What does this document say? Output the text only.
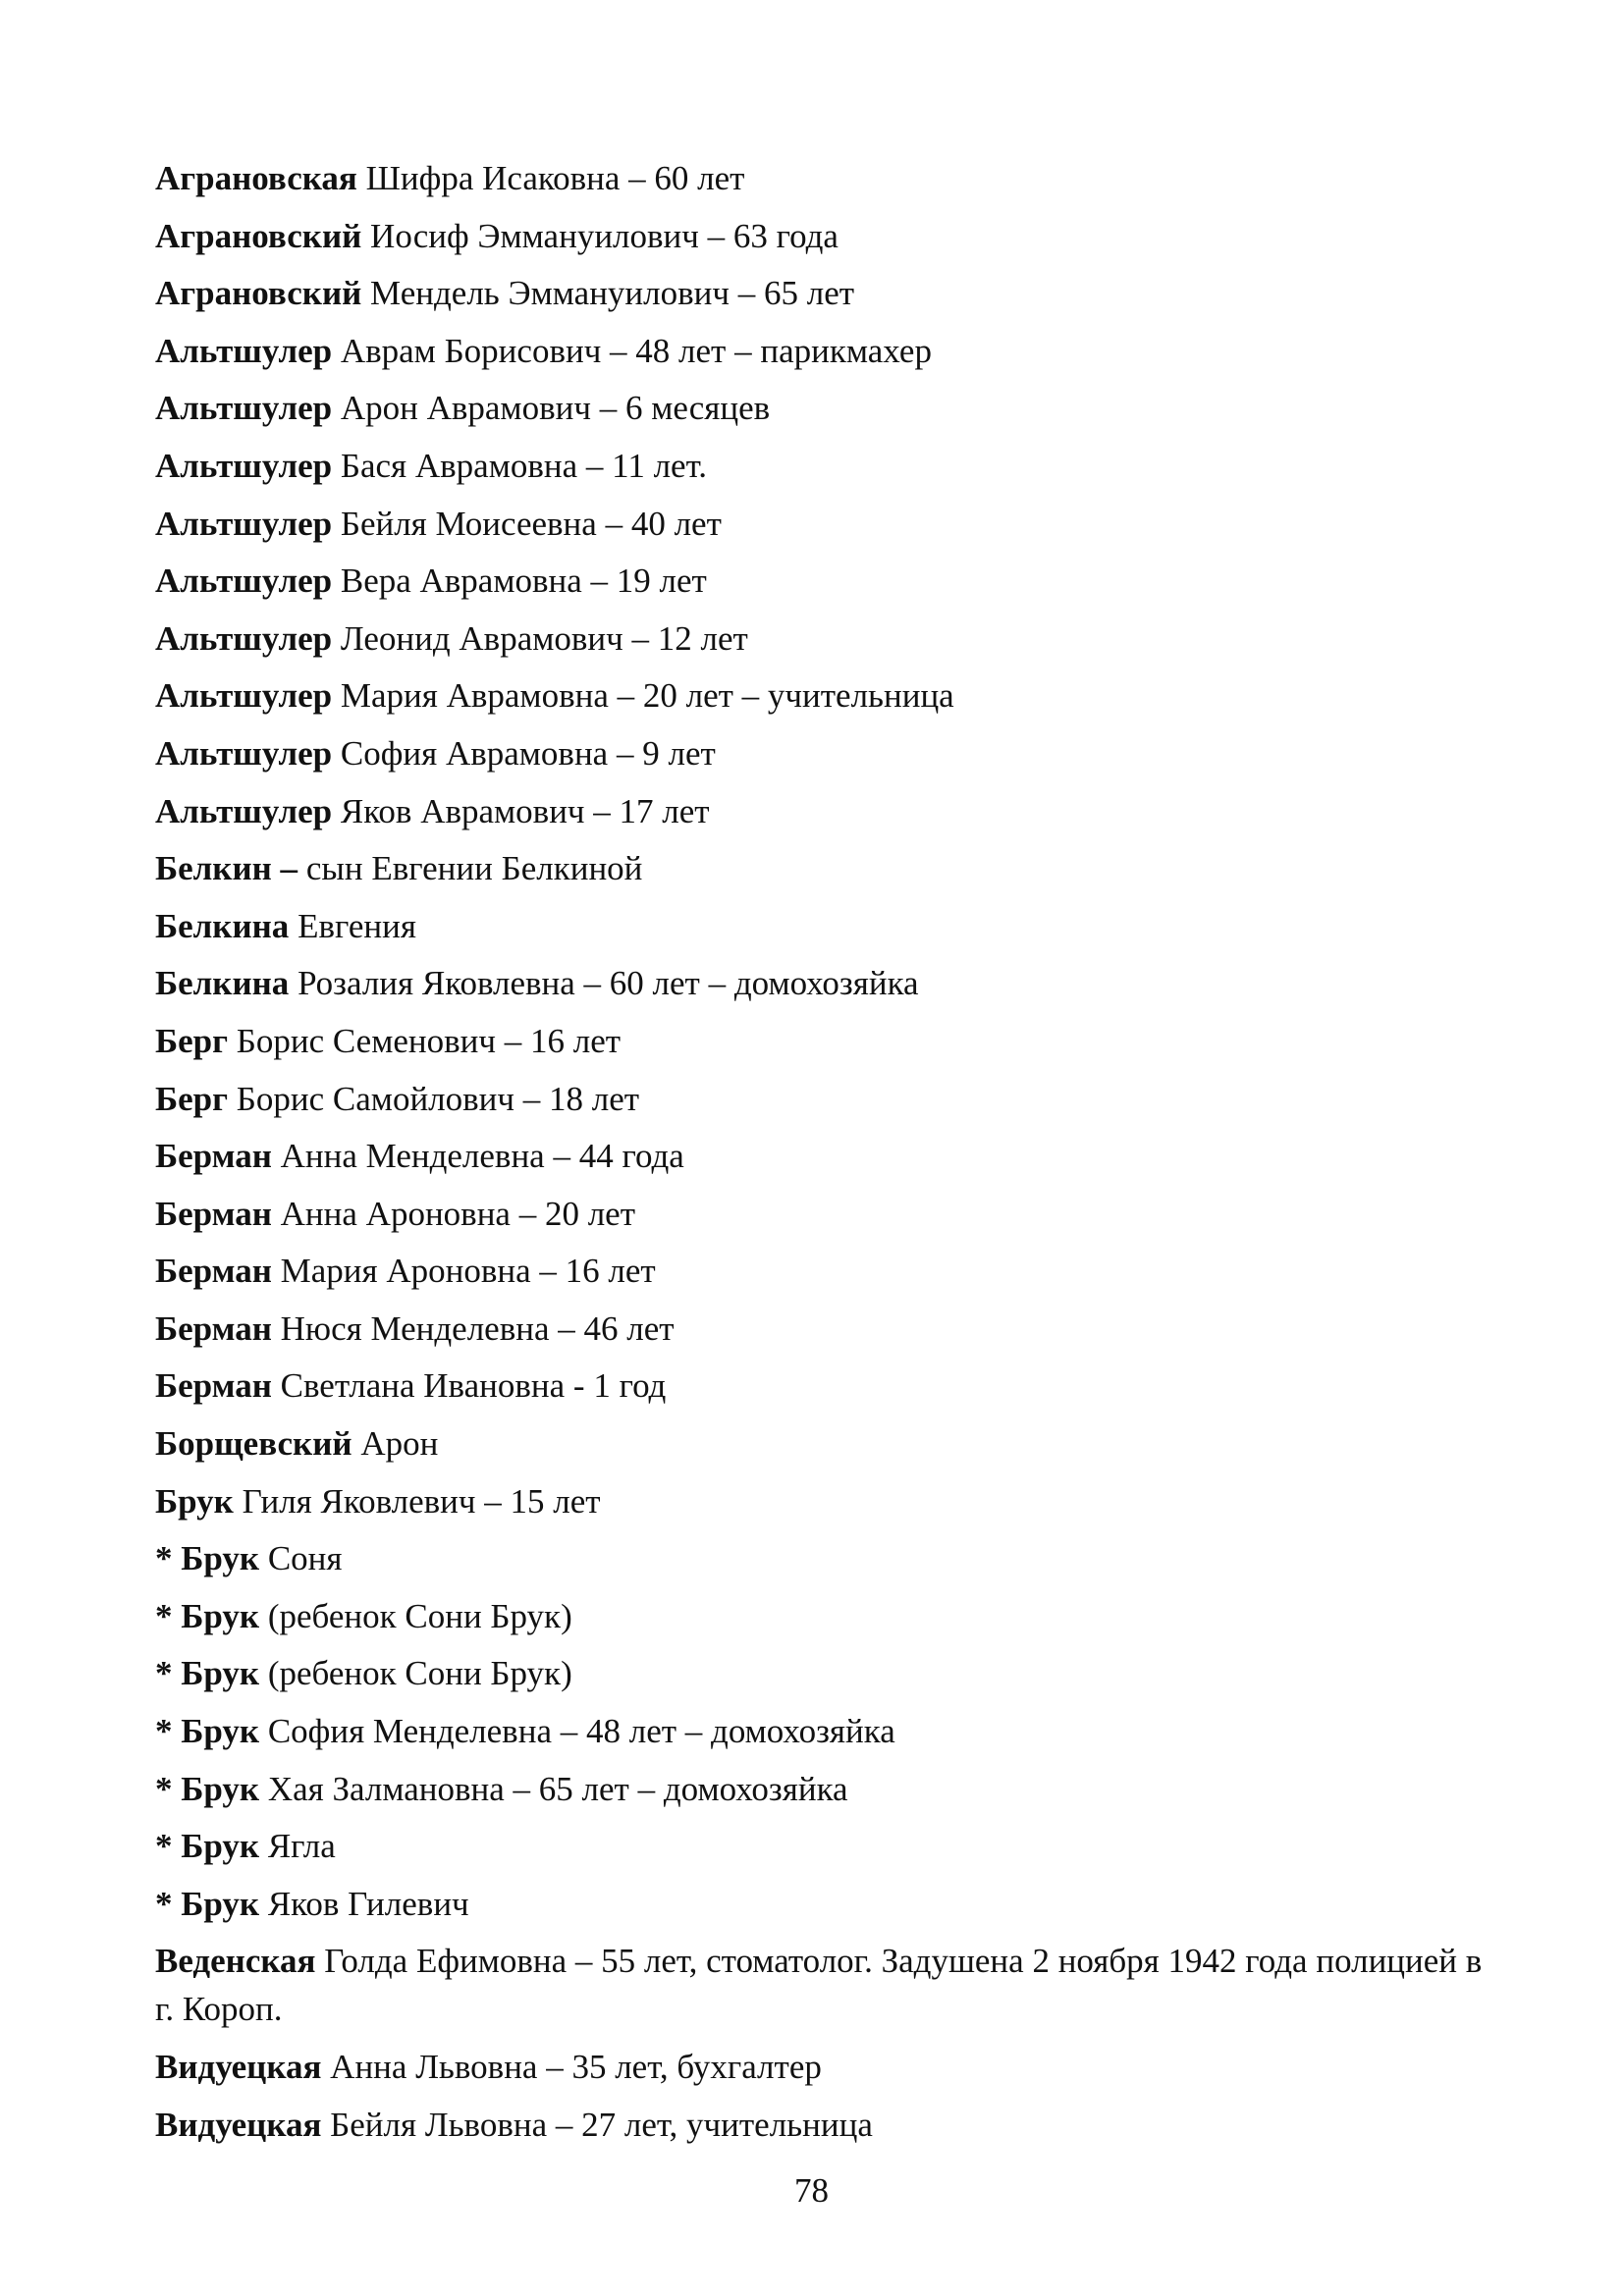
Аграновская Шифра Исаковна – 60 лет
Аграновский Иосиф Эммануилович – 63 года
Аграновский Мендель Эммануилович – 65 лет
Альтшулер Аврам Борисович – 48 лет – парикмахер
Альтшулер Арон Аврамович – 6 месяцев
Альтшулер Бася Аврамовна – 11 лет.
Альтшулер Бейля Моисеевна – 40 лет
Альтшулер Вера Аврамовна – 19 лет
Альтшулер Леонид Аврамович – 12 лет
Альтшулер Мария Аврамовна – 20 лет – учительница
Альтшулер София Аврамовна – 9 лет
Альтшулер Яков Аврамович – 17 лет
Белкин – сын Евгении Белкиной
Белкина Евгения
Белкина Розалия Яковлевна – 60 лет – домохозяйка
Берг Борис Семенович – 16 лет
Берг Борис Самойлович – 18 лет
Берман Анна Менделевна – 44 года
Берман Анна Ароновна – 20 лет
Берман Мария Ароновна – 16 лет
Берман Нюся Менделевна – 46 лет
Берман Светлана Ивановна - 1 год
Борщевский Арон
Брук Гиля Яковлевич – 15 лет
* Брук Соня
* Брук (ребенок Сони Брук)
* Брук (ребенок Сони Брук)
* Брук София Менделевна – 48 лет – домохозяйка
* Брук Хая Залмановна – 65 лет – домохозяйка
* Брук Ягла
* Брук Яков Гилевич
Веденская Голда Ефимовна – 55 лет, стоматолог. Задушена 2 ноября 1942 года полицией в г. Короп.
Видуецкая Анна Львовна – 35 лет, бухгалтер
Видуецкая Бейля Львовна – 27 лет, учительница
78
